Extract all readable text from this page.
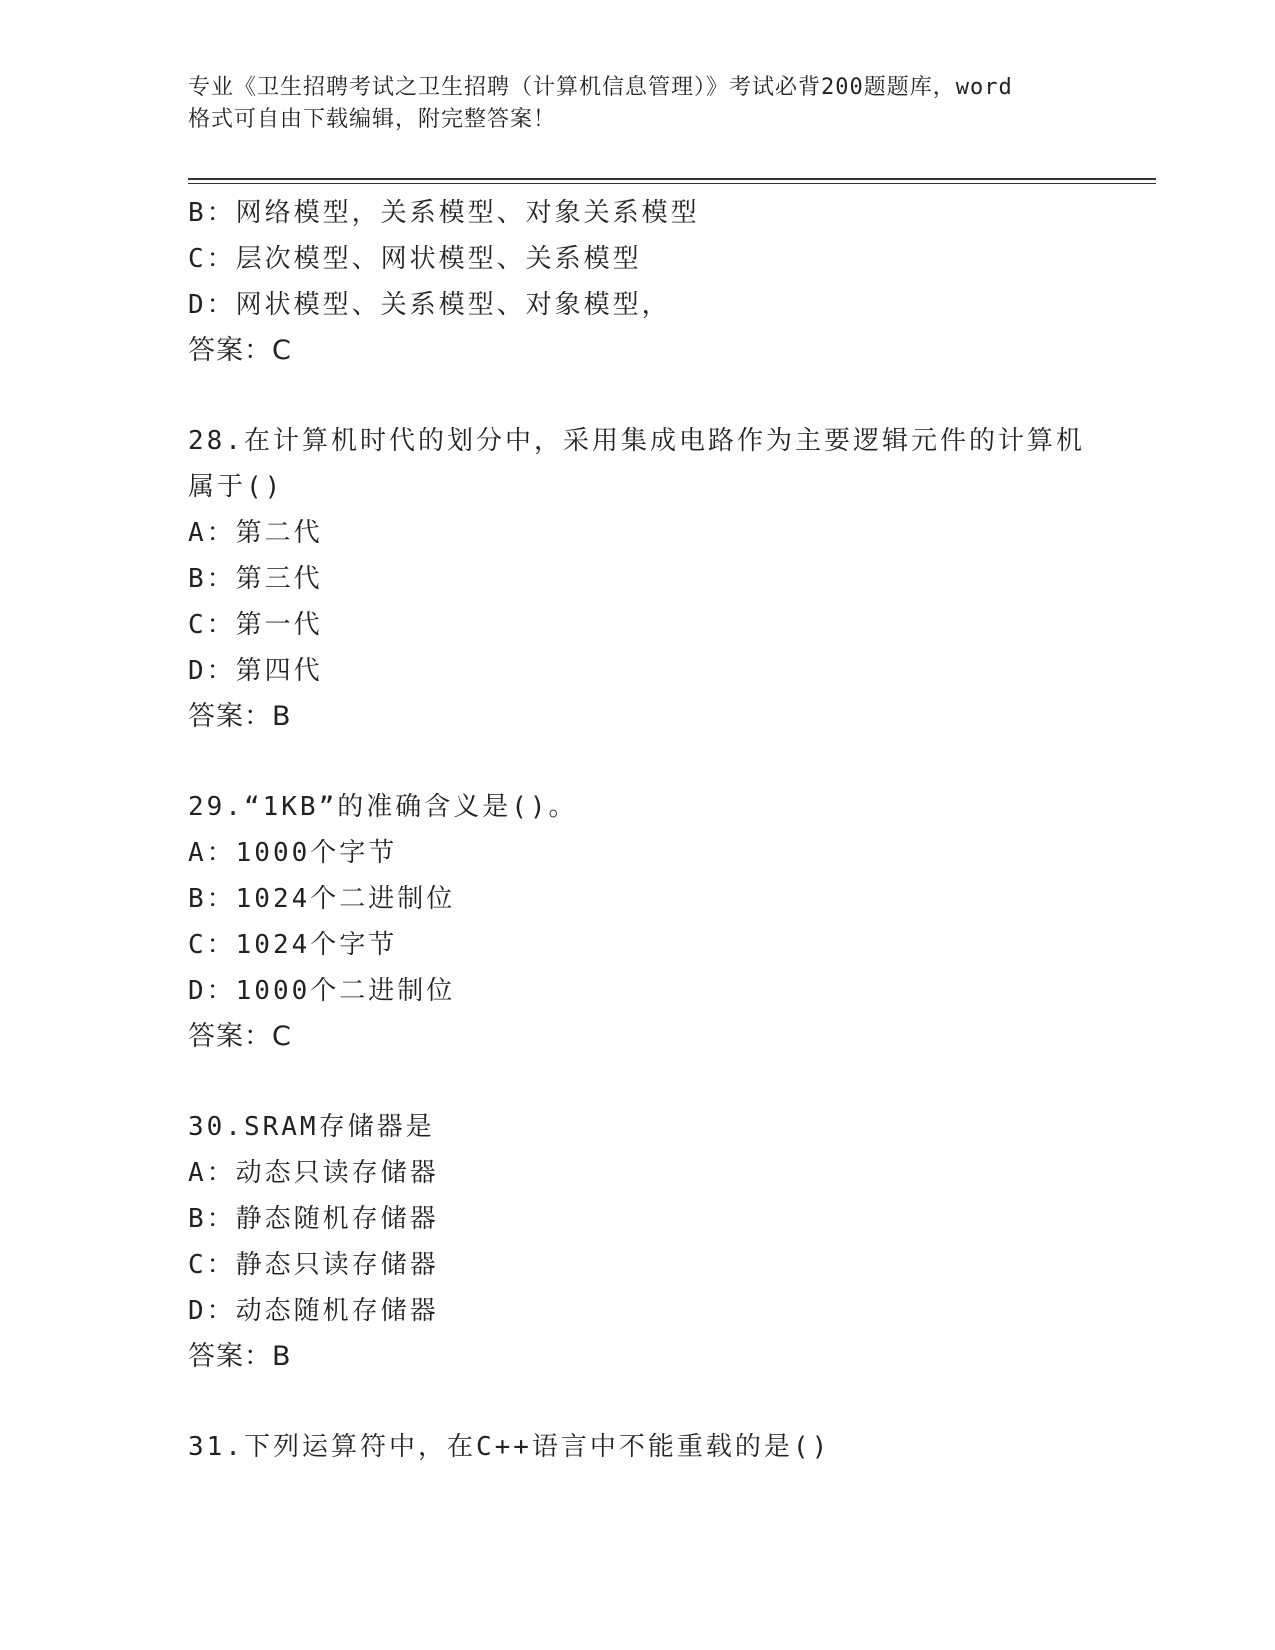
专业《卫生招聘考试之卫生招聘（计算机信息管理）》考试必背200题题库，word
格式可自由下载编辑，附完整答案！
B：网络模型，关系模型、对象关系模型
C：层次模型、网状模型、关系模型
D：网状模型、关系模型、对象模型，
答案：C
28.在计算机时代的划分中，采用集成电路作为主要逻辑元件的计算机
属于()
A：第二代
B：第三代
C：第一代
D：第四代
答案：B
29.“1KB”的准确含义是()。
A：1000个字节
B：1024个二进制位
C：1024个字节
D：1000个二进制位
答案：C
30.SRAM存储器是
A：动态只读存储器
B：静态随机存储器
C：静态只读存储器
D：动态随机存储器
答案：B
31.下列运算符中，在C++语言中不能重载的是()
